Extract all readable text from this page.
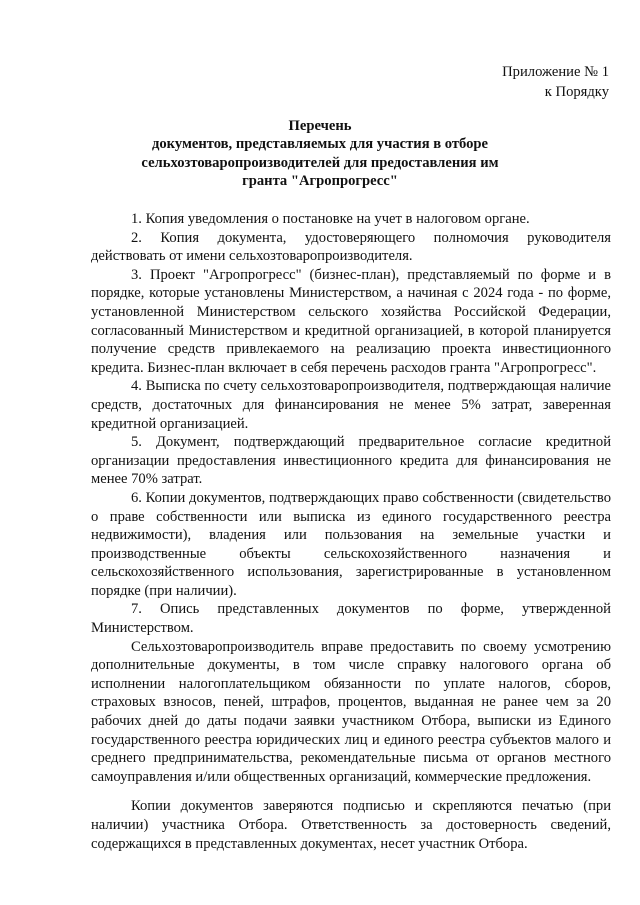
Приложение № 1
к Порядку
Перечень
документов, представляемых для участия в отборе
сельхозтоваропроизводителей для предоставления им
гранта "Агропрогресс"

1. Копия уведомления о постановке на учет в налоговом органе.

2. Копия документа, удостоверяющего полномочия руководителя действовать от имени сельхозтоваропроизводителя.

3. Проект "Агропрогресс" (бизнес-план), представляемый по форме и в порядке, которые установлены Министерством, а начиная с 2024 года - по форме, установленной Министерством сельского хозяйства Российской Федерации, согласованный Министерством и кредитной организацией, в которой планируется получение средств привлекаемого на реализацию проекта инвестиционного кредита. Бизнес-план включает в себя перечень расходов гранта "Агропрогресс".

4. Выписка по счету сельхозтоваропроизводителя, подтверждающая наличие средств, достаточных для финансирования не менее 5% затрат, заверенная кредитной организацией.

5. Документ, подтверждающий предварительное согласие кредитной организации предоставления инвестиционного кредита для финансирования не менее 70% затрат.

6. Копии документов, подтверждающих право собственности (свидетельство о праве собственности или выписка из единого государственного реестра недвижимости), владения или пользования на земельные участки и производственные объекты сельскохозяйственного назначения и сельскохозяйственного использования, зарегистрированные в установленном порядке (при наличии).

7. Опись представленных документов по форме, утвержденной Министерством.

Сельхозтоваропроизводитель вправе предоставить по своему усмотрению дополнительные документы, в том числе справку налогового органа об исполнении налогоплательщиком обязанности по уплате налогов, сборов, страховых взносов, пеней, штрафов, процентов, выданная не ранее чем за 20 рабочих дней до даты подачи заявки участником Отбора, выписки из Единого государственного реестра юридических лиц и единого реестра субъектов малого и среднего предпринимательства, рекомендательные письма от органов местного самоуправления и/или общественных организаций, коммерческие предложения.

Копии документов заверяются подписью и скрепляются печатью (при наличии) участника Отбора. Ответственность за достоверность сведений, содержащихся в представленных документах, несет участник Отбора.
